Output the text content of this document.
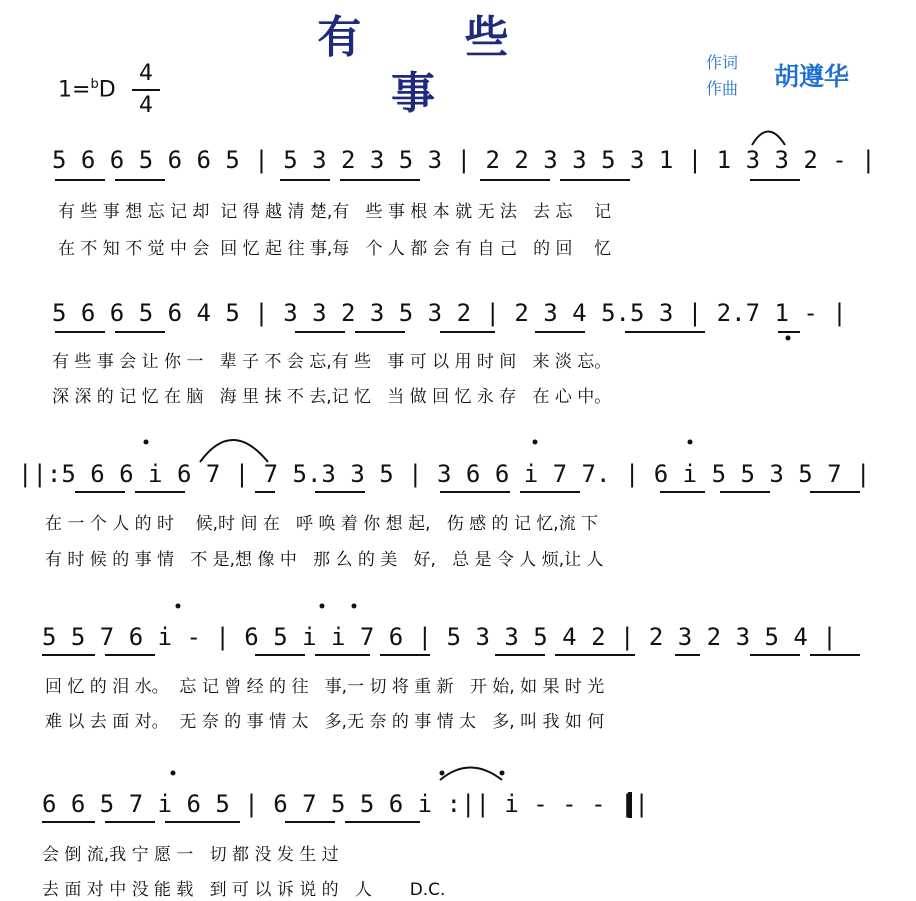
有 些 事
1=$^b$D
4
4
作词
作曲 胡遵华
5 6 6 5 6 6 5 | 5 3 2 3 5 3 | 2 2 3 3 5 3 1 | 1 3 3 2 - |
有 些 事 想 忘 记 却  记 得 越 清 楚,有   些 事 根 本 就 无 法   去 忘    记
在 不 知 不 觉 中 会  回 忆 起 往 事,每   个 人 都 会 有 自 己   的 回    忆
5 6 6 5 6 4 5 | 3 3 2 3 5 3 2 | 2 3 4 5.5 3 | 2.7 1 - |
有 些 事 会 让 你 一   辈 子 不 会 忘,有 些   事 可 以 用 时 间   来 淡 忘。
深 深 的 记 忆 在 脑   海 里 抹 不 去,记 忆   当 做 回 忆 永 存   在 心 中。
||:5 6 6 i 6 7 | 7 5.3 3 5 | 3 6 6 i 7 7. | 6 i 5 5 3 5 7 |
在 一 个 人 的 时    候,时 间 在   呼 唤 着 你 想 起,   伤 感 的 记 忆,流 下
有 时 候 的 事 情   不 是,想 像 中   那 么 的 美   好,   总 是 令 人 烦,让 人
5 5 7 6 i - | 6 5 i i 7 6 | 5 3 3 5 4 2 | 2 3 2 3 5 4 |
回 忆 的 泪 水。  忘 记 曾 经 的 往   事,一 切 将 重 新   开 始, 如 果 时 光
难 以 去 面 对。  无 奈 的 事 情 太   多,无 奈 的 事 情 太   多, 叫 我 如 何
6 6 5 7 i 6 5 | 6 7 5 5 6 i :|| i - - - ||
会 倒 流,我 宁 愿 一   切 都 没 发 生 过
去 面 对 中 没 能 载   到 可 以 诉 说 的   人       D.C.
